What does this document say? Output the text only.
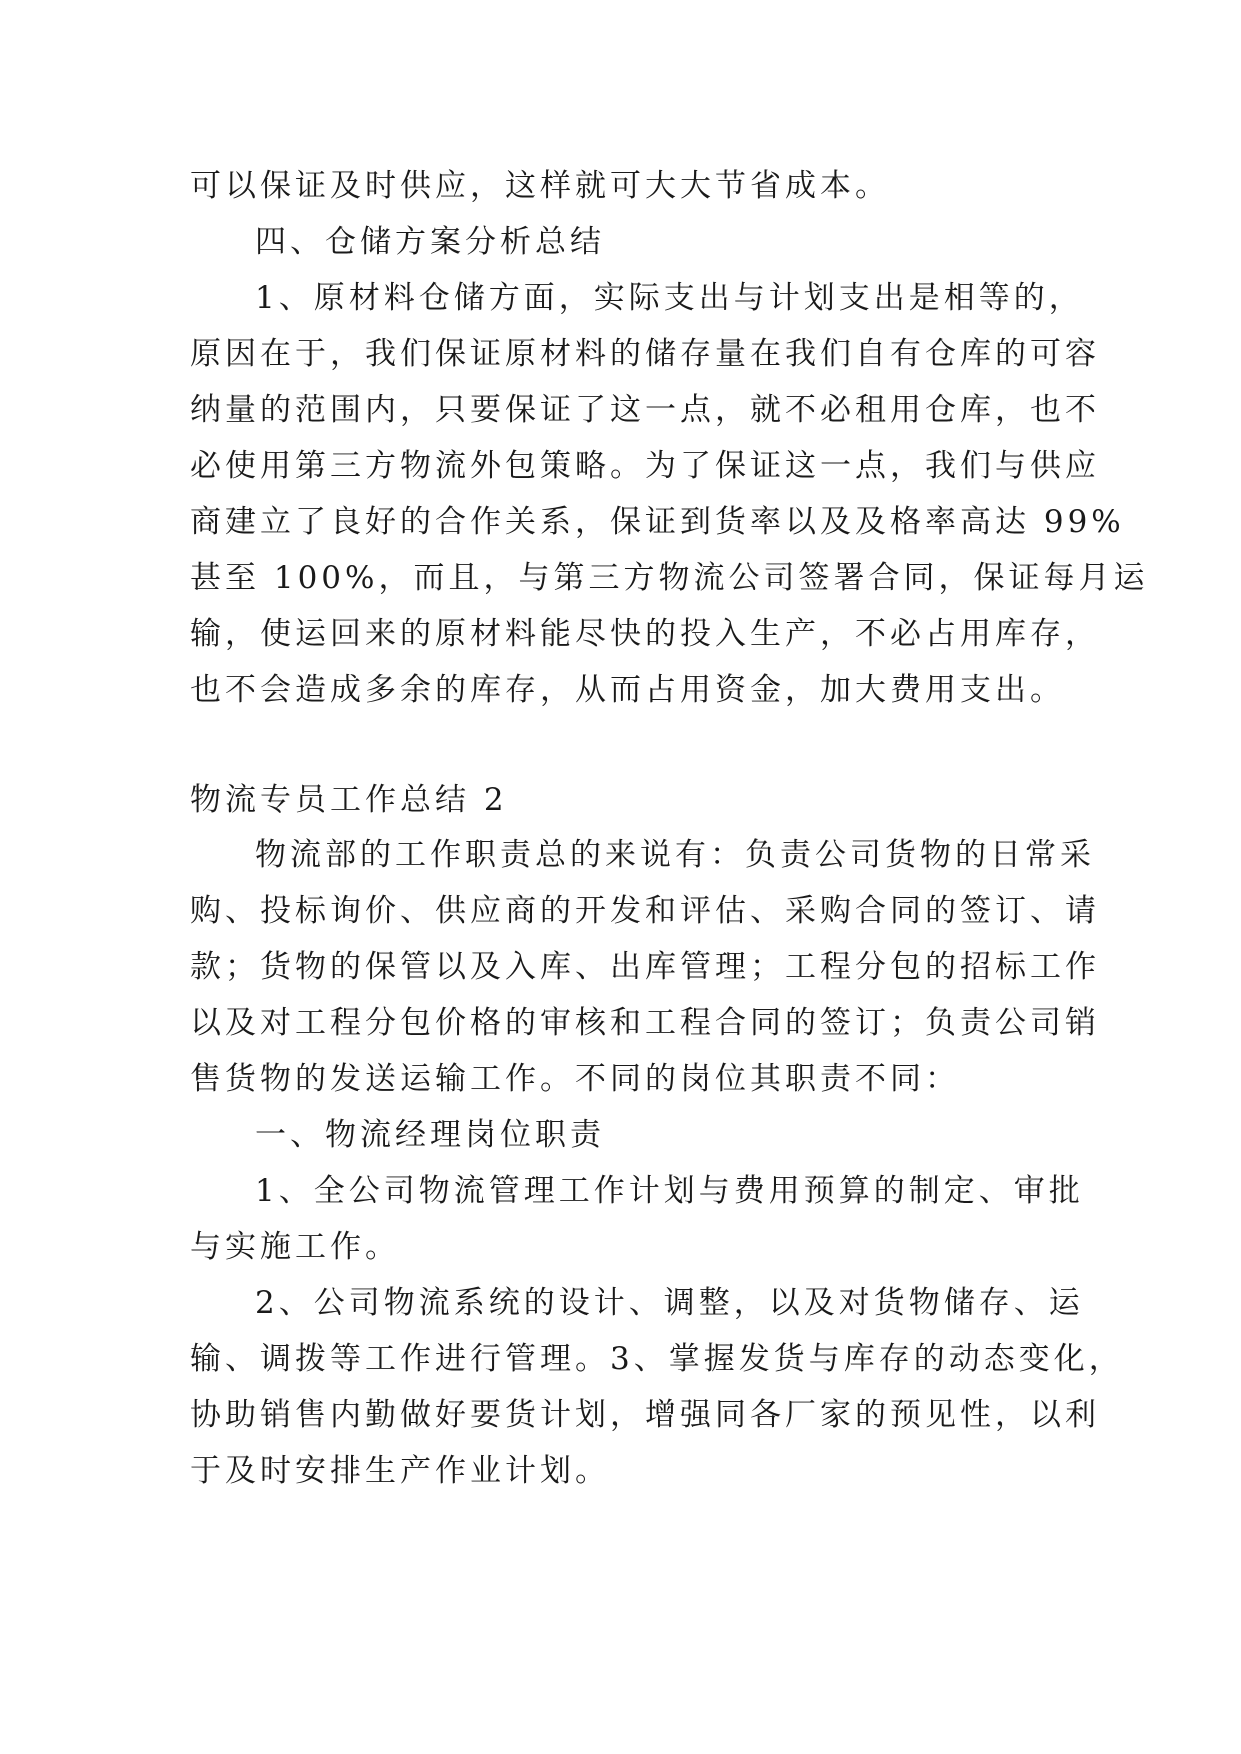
可以保证及时供应，这样就可大大节省成本。
四、仓储方案分析总结
1、原材料仓储方面，实际支出与计划支出是相等的，
原因在于，我们保证原材料的储存量在我们自有仓库的可容
纳量的范围内，只要保证了这一点，就不必租用仓库，也不
必使用第三方物流外包策略。为了保证这一点，我们与供应
商建立了良好的合作关系，保证到货率以及及格率高达 99%
甚至 100%，而且，与第三方物流公司签署合同，保证每月运
输，使运回来的原材料能尽快的投入生产，不必占用库存，
也不会造成多余的库存，从而占用资金，加大费用支出。
物流专员工作总结 2
物流部的工作职责总的来说有：负责公司货物的日常采
购、投标询价、供应商的开发和评估、采购合同的签订、请
款；货物的保管以及入库、出库管理；工程分包的招标工作
以及对工程分包价格的审核和工程合同的签订；负责公司销
售货物的发送运输工作。不同的岗位其职责不同：
一、物流经理岗位职责
1、全公司物流管理工作计划与费用预算的制定、审批
与实施工作。
2、公司物流系统的设计、调整，以及对货物储存、运
输、调拨等工作进行管理。3、掌握发货与库存的动态变化，
协助销售内勤做好要货计划，增强同各厂家的预见性，以利
于及时安排生产作业计划。
